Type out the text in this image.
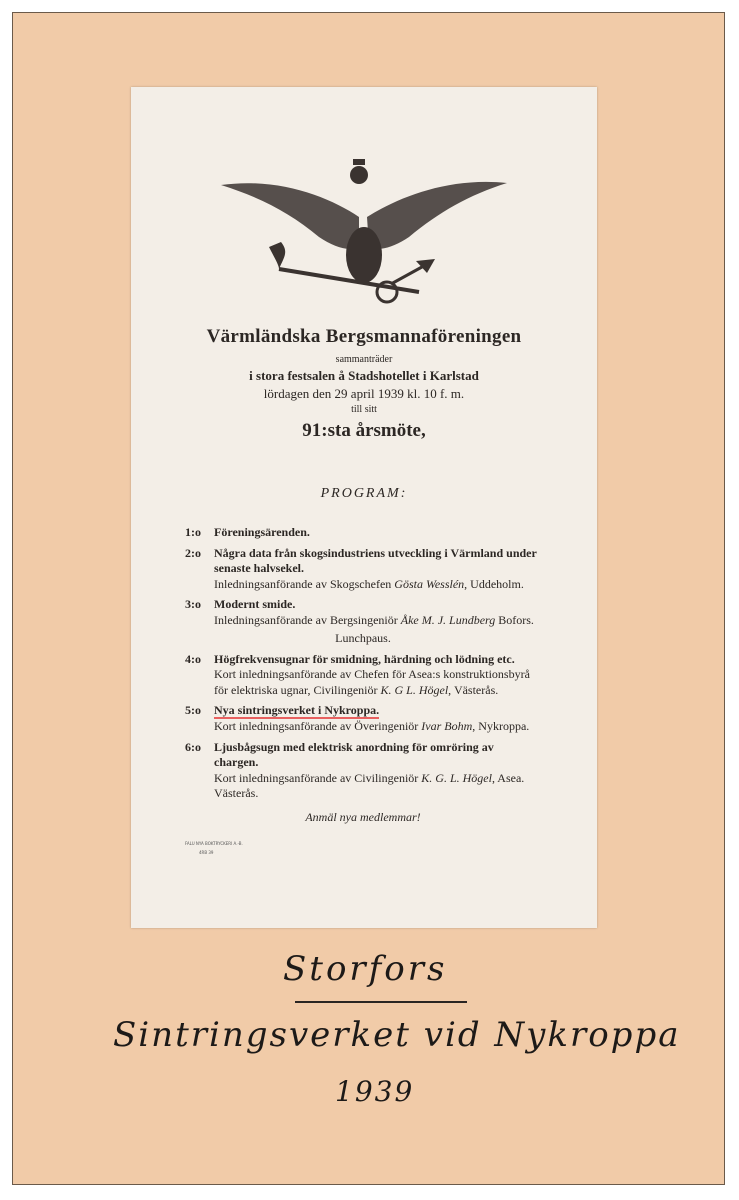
Värmländska Bergsmannaföreningen
sammanträder
i stora festsalen å Stadshotellet i Karlstad
lördagen den 29 april 1939 kl. 10 f. m.
till sitt
91:sta årsmöte,
PROGRAM:
1:o	Föreningsärenden.
2:o	Några data från skogsindustriens utveckling i Värmland under senaste halvsekel.
Inledningsanförande av Skogschefen Gösta Wesslén, Uddeholm.
3:o	Modernt smide.
Inledningsanförande av Bergsingeniör Åke M. J. Lundberg Bofors.
Lunchpaus.
4:o	Högfrekvensugnar för smidning, härdning och lödning etc.
Kort inledningsanförande av Chefen för Asea:s konstruktionsbyrå för elektriska ugnar, Civilingeniör K. G L. Högel, Västerås.
5:o	Nya sintringsverket i Nykroppa.
Kort inledningsanförande av Överingeniör Ivar Bohm, Nykroppa.
6:o	Ljusbågsugn med elektrisk anordning för omröring av chargen.
Kort inledningsanförande av Civilingeniör K. G. L. Högel, Asea. Västerås.
Anmäl nya medlemmar!
FALU NYA BOKTRYCKERI A.-B.
4RB 39
Storfors
Sintringsverket vid Nykroppa
1939
